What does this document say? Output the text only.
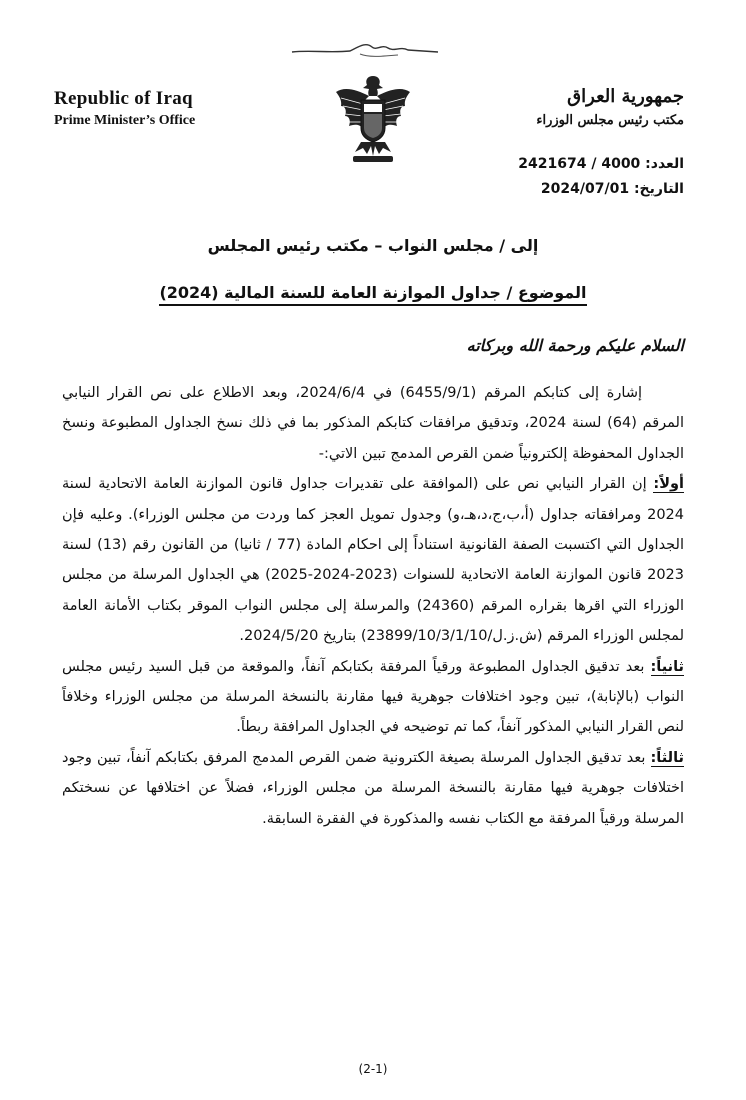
Republic of Iraq
Prime Minister’s Office
جمهورية العراق
مكتب رئيس مجلس الوزراء
العدد: 2421674 / 4000
التاريخ: 2024/07/01
إلى / مجلس النواب – مكتب رئيس المجلس
الموضوع / جداول الموازنة العامة للسنة المالية (2024)
السلام عليكم ورحمة الله وبركاته

إشارة إلى كتابكم المرقم (6455/9/1) في 2024/6/4، وبعد الاطلاع على نص القرار النيابي المرقم (64) لسنة 2024، وتدقيق مرافقات كتابكم المذكور بما في ذلك نسخ الجداول المطبوعة ونسخ الجداول المحفوظة إلكترونياً ضمن القرص المدمج تبين الاتي:-

أولاً: إن القرار النيابي نص على (الموافقة على تقديرات جداول قانون الموازنة العامة الاتحادية لسنة 2024 ومرافقاته جداول (أ،ب،ج،د،هـ،و) وجدول تمويل العجز كما وردت من مجلس الوزراء). وعليه فإن الجداول التي اكتسبت الصفة القانونية استناداً إلى احكام المادة (77 / ثانيا) من القانون رقم (13) لسنة 2023 قانون الموازنة العامة الاتحادية للسنوات (2023-2024-2025) هي الجداول المرسلة من مجلس الوزراء التي اقرها بقراره المرقم (24360) والمرسلة إلى مجلس النواب الموقر بكتاب الأمانة العامة لمجلس الوزراء المرقم (ش.ز.ل/23899/10/3/1/10) بتاريخ 2024/5/20.

ثانياً: بعد تدقيق الجداول المطبوعة ورقياً المرفقة بكتابكم آنفاً، والموقعة من قبل السيد رئيس مجلس النواب (بالإنابة)، تبين وجود اختلافات جوهرية فيها مقارنة بالنسخة المرسلة من مجلس الوزراء وخلافاً لنص القرار النيابي المذكور آنفاً، كما تم توضيحه في الجداول المرافقة ربطاً.

ثالثاً: بعد تدقيق الجداول المرسلة بصيغة الكترونية ضمن القرص المدمج المرفق بكتابكم آنفاً، تبين وجود اختلافات جوهرية فيها مقارنة بالنسخة المرسلة من مجلس الوزراء، فضلاً عن اختلافها عن نسختكم المرسلة ورقياً المرفقة مع الكتاب نفسه والمذكورة في الفقرة السابقة.

(2-1)
